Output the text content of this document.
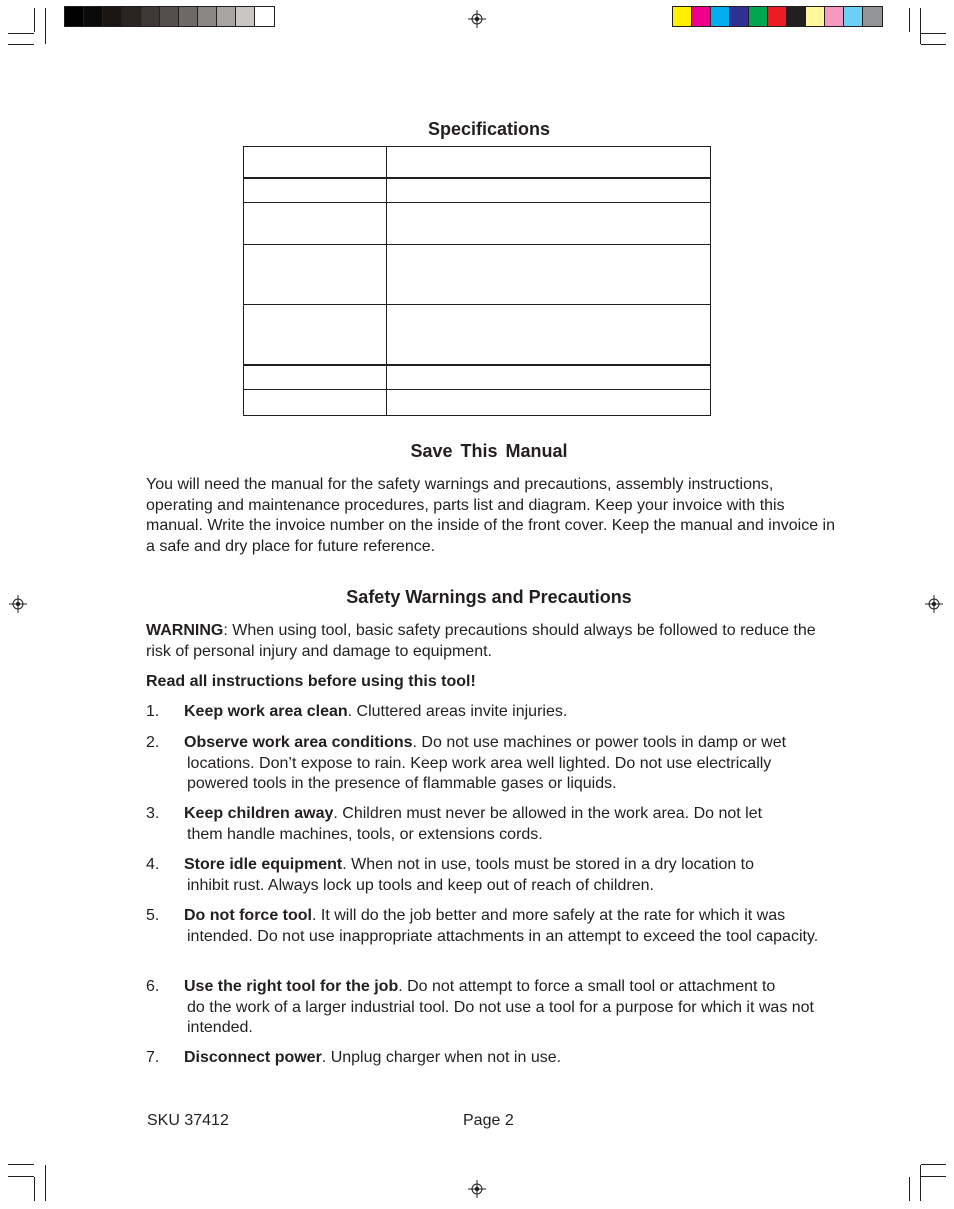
Specifications

Save This Manual
You will need the manual for the safety warnings and precautions, assembly instructions, operating and maintenance procedures, parts list and diagram. Keep your invoice with this manual. Write the invoice number on the inside of the front cover. Keep the manual and invoice in a safe and dry place for future reference.
Safety Warnings and Precautions
WARNING: When using tool, basic safety precautions should always be followed to reduce the risk of personal injury and damage to equipment.
Read all instructions before using this tool!
1. Keep work area clean. Cluttered areas invite injuries.
2. Observe work area conditions. Do not use machines or power tools in damp or wet
locations. Don’t expose to rain. Keep work area well lighted. Do not use electrically powered tools in the presence of flammable gases or liquids.
3. Keep children away. Children must never be allowed in the work area. Do not let
them handle machines, tools, or extensions cords.
4. Store idle equipment. When not in use, tools must be stored in a dry location to
inhibit rust. Always lock up tools and keep out of reach of children.
5. Do not force tool. It will do the job better and more safely at the rate for which it was
intended. Do not use inappropriate attachments in an attempt to exceed the tool capacity.
6. Use the right tool for the job. Do not attempt to force a small tool or attachment to
do the work of a larger industrial tool. Do not use a tool for a purpose for which it was not intended.
7. Disconnect power. Unplug charger when not in use.
SKU 37412	Page 2
